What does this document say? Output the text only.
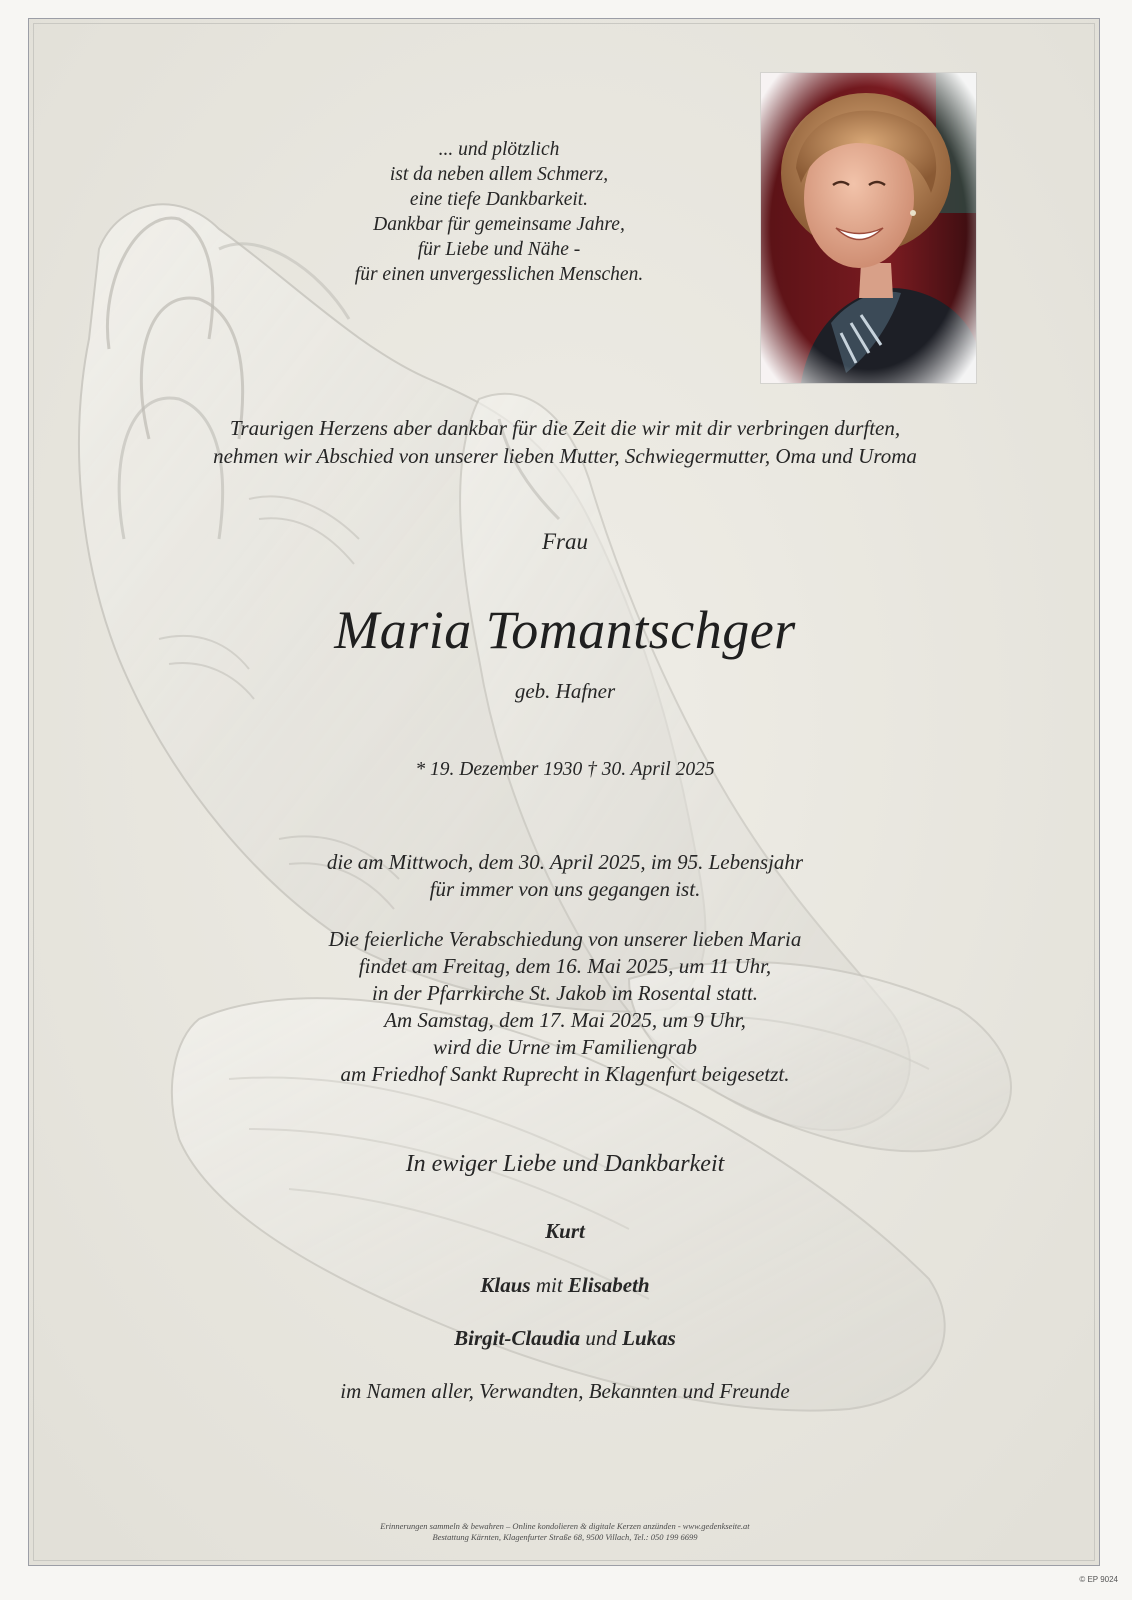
... und plötzlich
ist da neben allem Schmerz,
eine tiefe Dankbarkeit.
Dankbar für gemeinsame Jahre,
für Liebe und Nähe -
für einen unvergesslichen Menschen.
Traurigen Herzens aber dankbar für die Zeit die wir mit dir verbringen durften,
nehmen wir Abschied von unserer lieben Mutter, Schwiegermutter, Oma und Uroma
Frau
Maria Tomantschger
geb. Hafner
* 19. Dezember 1930 † 30. April 2025
die am Mittwoch, dem 30. April 2025, im 95. Lebensjahr
für immer von uns gegangen ist.
Die feierliche Verabschiedung von unserer lieben Maria
findet am Freitag, dem 16. Mai 2025, um 11 Uhr,
in der Pfarrkirche St. Jakob im Rosental statt.
Am Samstag, dem 17. Mai 2025, um 9 Uhr,
wird die Urne im Familiengrab
am Friedhof Sankt Ruprecht in Klagenfurt beigesetzt.
In ewiger Liebe und Dankbarkeit
Kurt
Klaus mit Elisabeth
Birgit-Claudia und Lukas
im Namen aller, Verwandten, Bekannten und Freunde
Erinnerungen sammeln & bewahren – Online kondolieren & digitale Kerzen anzünden - www.gedenkseite.at
Bestattung Kärnten, Klagenfurter Straße 68, 9500 Villach, Tel.: 050 199 6699
© EP 9024
